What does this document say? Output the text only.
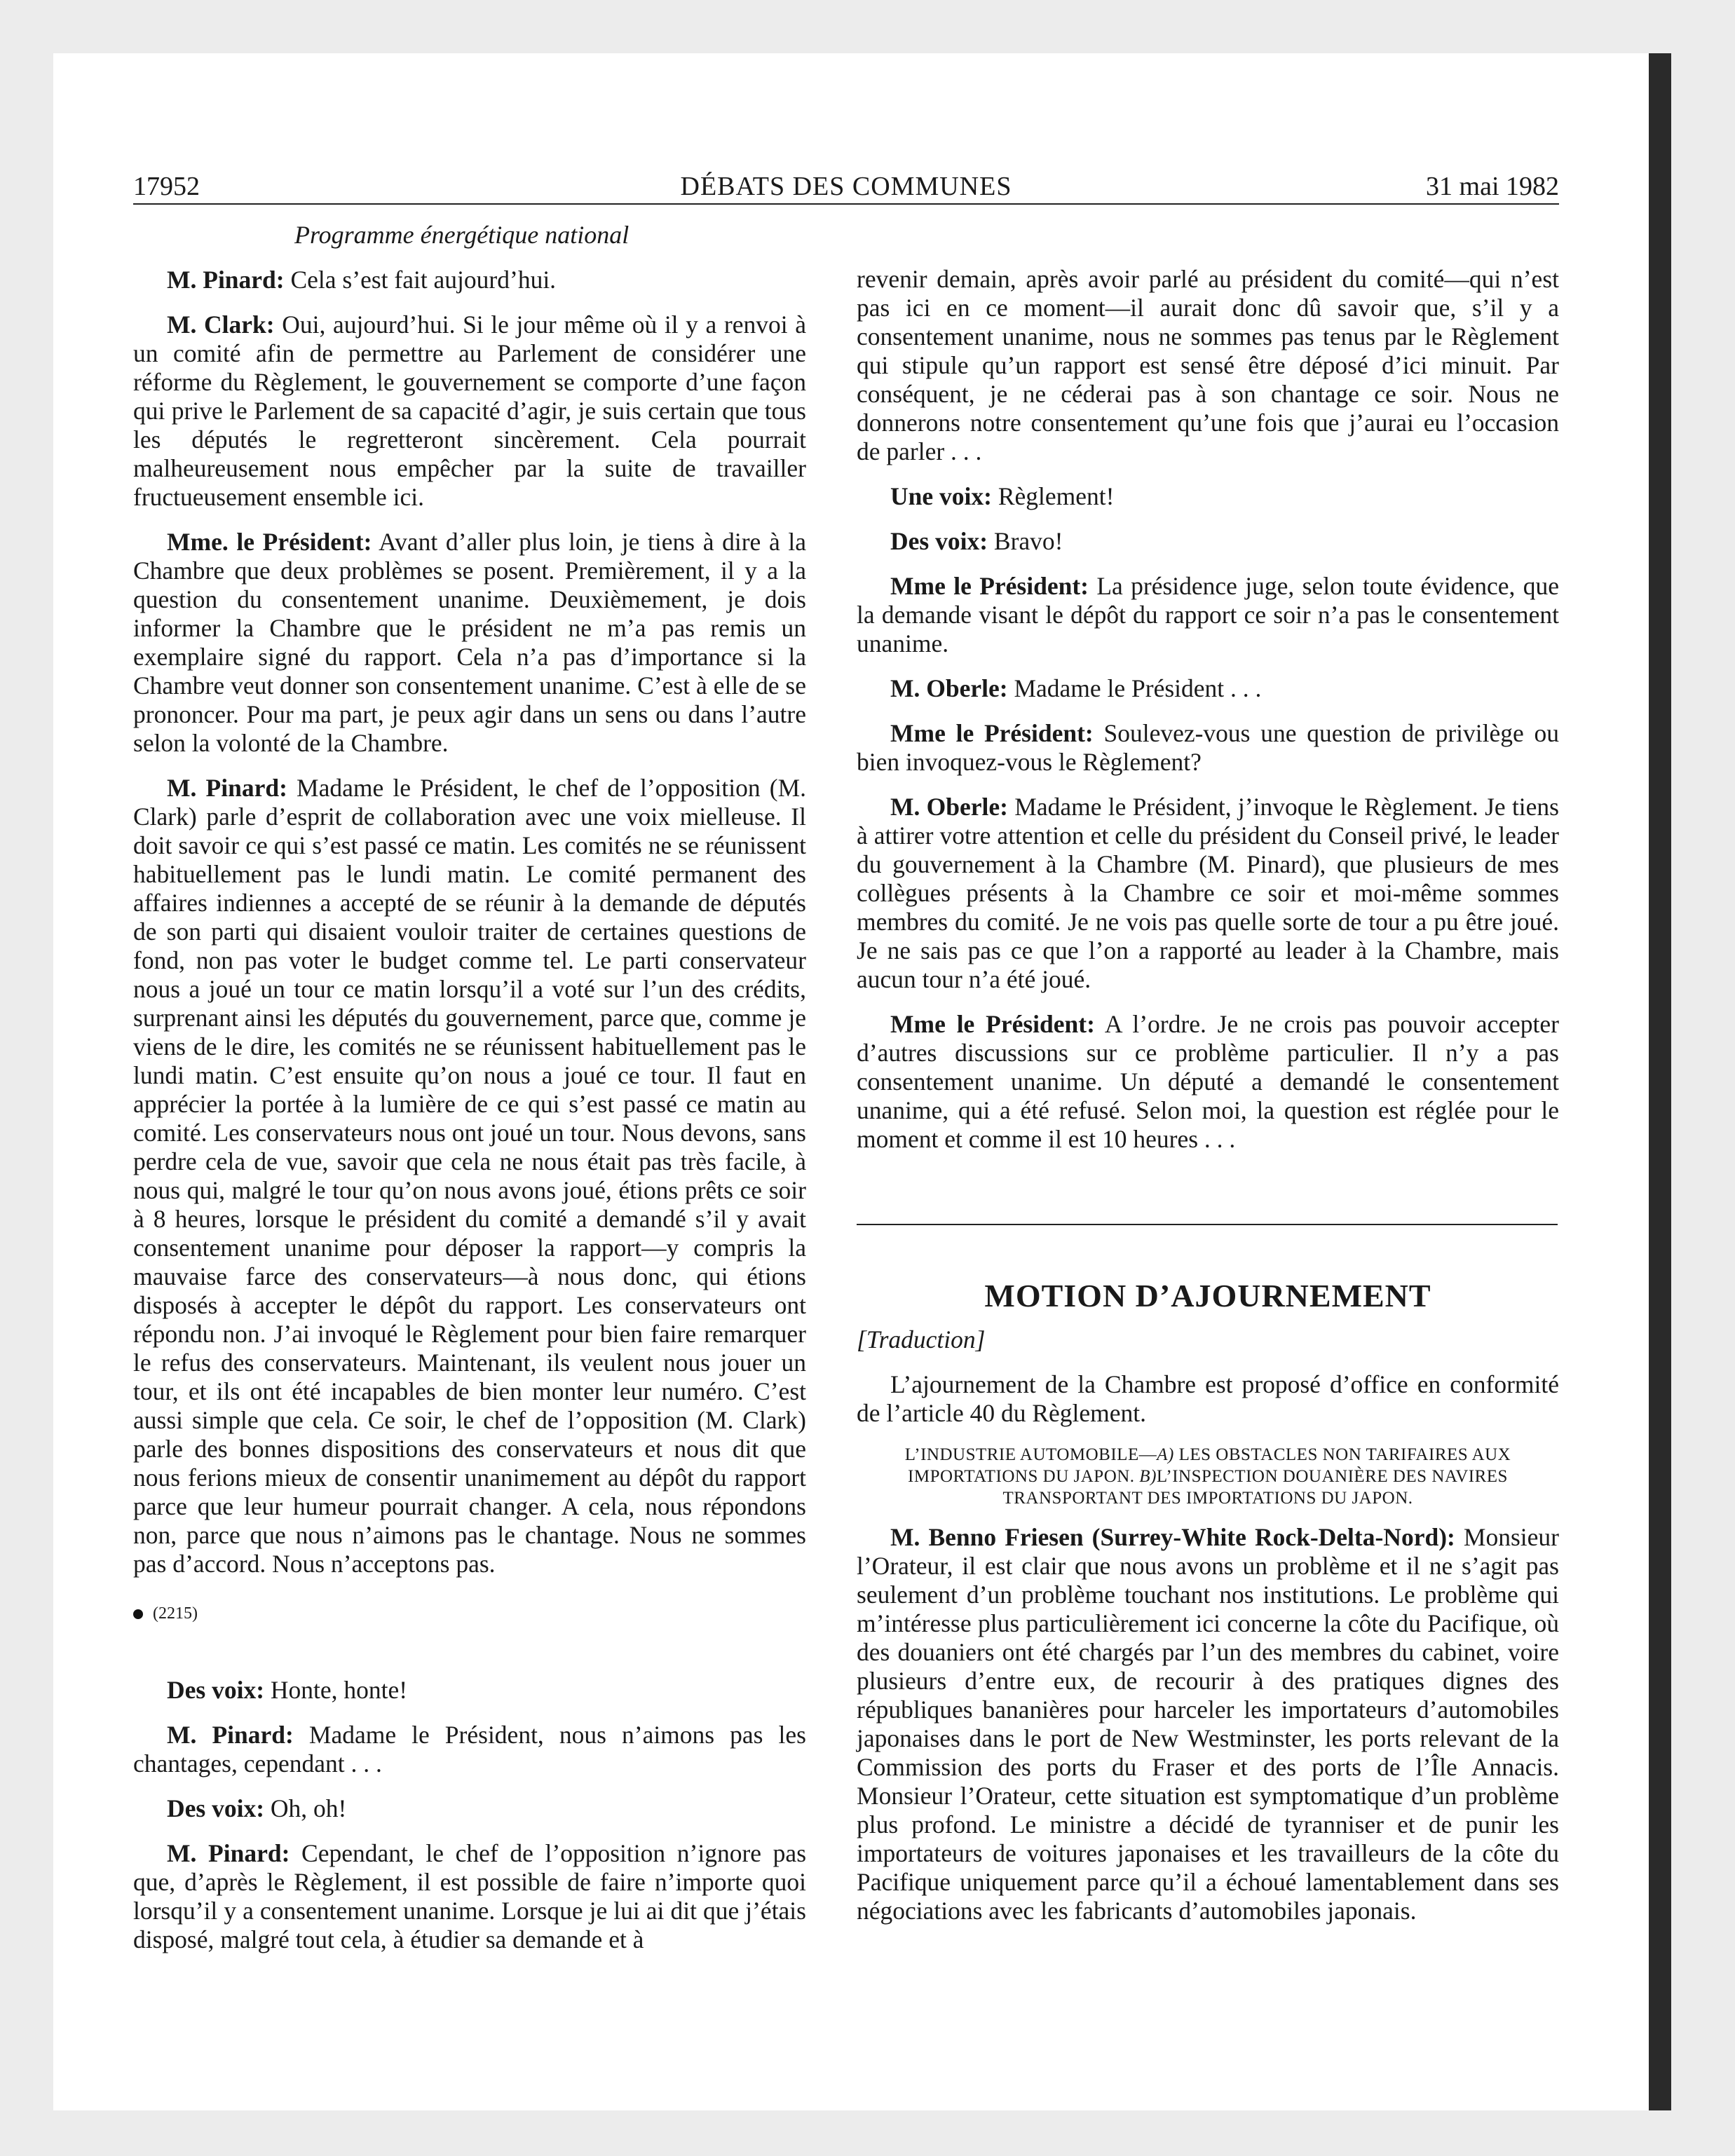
17952	DÉBATS DES COMMUNES	31 mai 1982

Programme énergétique national

M. Pinard: Cela s’est fait aujourd’hui.

M. Clark: Oui, aujourd’hui. Si le jour même où il y a renvoi à un comité afin de permettre au Parlement de considérer une réforme du Règlement, le gouvernement se comporte d’une façon qui prive le Parlement de sa capacité d’agir, je suis certain que tous les députés le regretteront sincèrement. Cela pourrait malheureusement nous empêcher par la suite de travailler fructueusement ensemble ici.

Mme. le Président: Avant d’aller plus loin, je tiens à dire à la Chambre que deux problèmes se posent. Premièrement, il y a la question du consentement unanime. Deuxièmement, je dois informer la Chambre que le président ne m’a pas remis un exemplaire signé du rapport. Cela n’a pas d’importance si la Chambre veut donner son consentement unanime. C’est à elle de se prononcer. Pour ma part, je peux agir dans un sens ou dans l’autre selon la volonté de la Chambre.

M. Pinard: Madame le Président, le chef de l’opposition (M. Clark) parle d’esprit de collaboration avec une voix mielleuse. Il doit savoir ce qui s’est passé ce matin. Les comités ne se réunissent habituellement pas le lundi matin. Le comité permanent des affaires indiennes a accepté de se réunir à la demande de députés de son parti qui disaient vouloir traiter de certaines questions de fond, non pas voter le budget comme tel. Le parti conservateur nous a joué un tour ce matin lorsqu’il a voté sur l’un des crédits, surprenant ainsi les députés du gouvernement, parce que, comme je viens de le dire, les comités ne se réunissent habituellement pas le lundi matin. C’est ensuite qu’on nous a joué ce tour. Il faut en apprécier la portée à la lumière de ce qui s’est passé ce matin au comité. Les conservateurs nous ont joué un tour. Nous devons, sans perdre cela de vue, savoir que cela ne nous était pas très facile, à nous qui, malgré le tour qu’on nous avons joué, étions prêts ce soir à 8 heures, lorsque le président du comité a demandé s’il y avait consentement unanime pour déposer la rapport—y compris la mauvaise farce des conservateurs—à nous donc, qui étions disposés à accepter le dépôt du rapport. Les conservateurs ont répondu non. J’ai invoqué le Règlement pour bien faire remarquer le refus des conservateurs. Maintenant, ils veulent nous jouer un tour, et ils ont été incapables de bien monter leur numéro. C’est aussi simple que cela. Ce soir, le chef de l’opposition (M. Clark) parle des bonnes dispositions des conservateurs et nous dit que nous ferions mieux de consentir unanimement au dépôt du rapport parce que leur humeur pourrait changer. A cela, nous répondons non, parce que nous n’aimons pas le chantage. Nous ne sommes pas d’accord. Nous n’acceptons pas.

(2215)

Des voix: Honte, honte!

M. Pinard: Madame le Président, nous n’aimons pas les chantages, cependant . . .

Des voix: Oh, oh!

M. Pinard: Cependant, le chef de l’opposition n’ignore pas que, d’après le Règlement, il est possible de faire n’importe quoi lorsqu’il y a consentement unanime. Lorsque je lui ai dit que j’étais disposé, malgré tout cela, à étudier sa demande et à

revenir demain, après avoir parlé au président du comité—qui n’est pas ici en ce moment—il aurait donc dû savoir que, s’il y a consentement unanime, nous ne sommes pas tenus par le Règlement qui stipule qu’un rapport est sensé être déposé d’ici minuit. Par conséquent, je ne céderai pas à son chantage ce soir. Nous ne donnerons notre consentement qu’une fois que j’aurai eu l’occasion de parler . . .

Une voix: Règlement!

Des voix: Bravo!

Mme le Président: La présidence juge, selon toute évidence, que la demande visant le dépôt du rapport ce soir n’a pas le consentement unanime.

M. Oberle: Madame le Président . . .

Mme le Président: Soulevez-vous une question de privilège ou bien invoquez-vous le Règlement?

M. Oberle: Madame le Président, j’invoque le Règlement. Je tiens à attirer votre attention et celle du président du Conseil privé, le leader du gouvernement à la Chambre (M. Pinard), que plusieurs de mes collègues présents à la Chambre ce soir et moi-même sommes membres du comité. Je ne vois pas quelle sorte de tour a pu être joué. Je ne sais pas ce que l’on a rapporté au leader à la Chambre, mais aucun tour n’a été joué.

Mme le Président: A l’ordre. Je ne crois pas pouvoir accepter d’autres discussions sur ce problème particulier. Il n’y a pas consentement unanime. Un député a demandé le consentement unanime, qui a été refusé. Selon moi, la question est réglée pour le moment et comme il est 10 heures . . .

MOTION D’AJOURNEMENT

[Traduction]

L’ajournement de la Chambre est proposé d’office en conformité de l’article 40 du Règlement.

L’INDUSTRIE AUTOMOBILE—A) LES OBSTACLES NON TARIFAIRES AUX IMPORTATIONS DU JAPON. B)L’INSPECTION DOUANIÈRE DES NAVIRES TRANSPORTANT DES IMPORTATIONS DU JAPON.

M. Benno Friesen (Surrey-White Rock-Delta-Nord): Monsieur l’Orateur, il est clair que nous avons un problème et il ne s’agit pas seulement d’un problème touchant nos institutions. Le problème qui m’intéresse plus particulièrement ici concerne la côte du Pacifique, où des douaniers ont été chargés par l’un des membres du cabinet, voire plusieurs d’entre eux, de recourir à des pratiques dignes des républiques bananières pour harceler les importateurs d’automobiles japonaises dans le port de New Westminster, les ports relevant de la Commission des ports du Fraser et des ports de l’Île Annacis. Monsieur l’Orateur, cette situation est symptomatique d’un problème plus profond. Le ministre a décidé de tyranniser et de punir les importateurs de voitures japonaises et les travailleurs de la côte du Pacifique uniquement parce qu’il a échoué lamentablement dans ses négociations avec les fabricants d’automobiles japonais.
